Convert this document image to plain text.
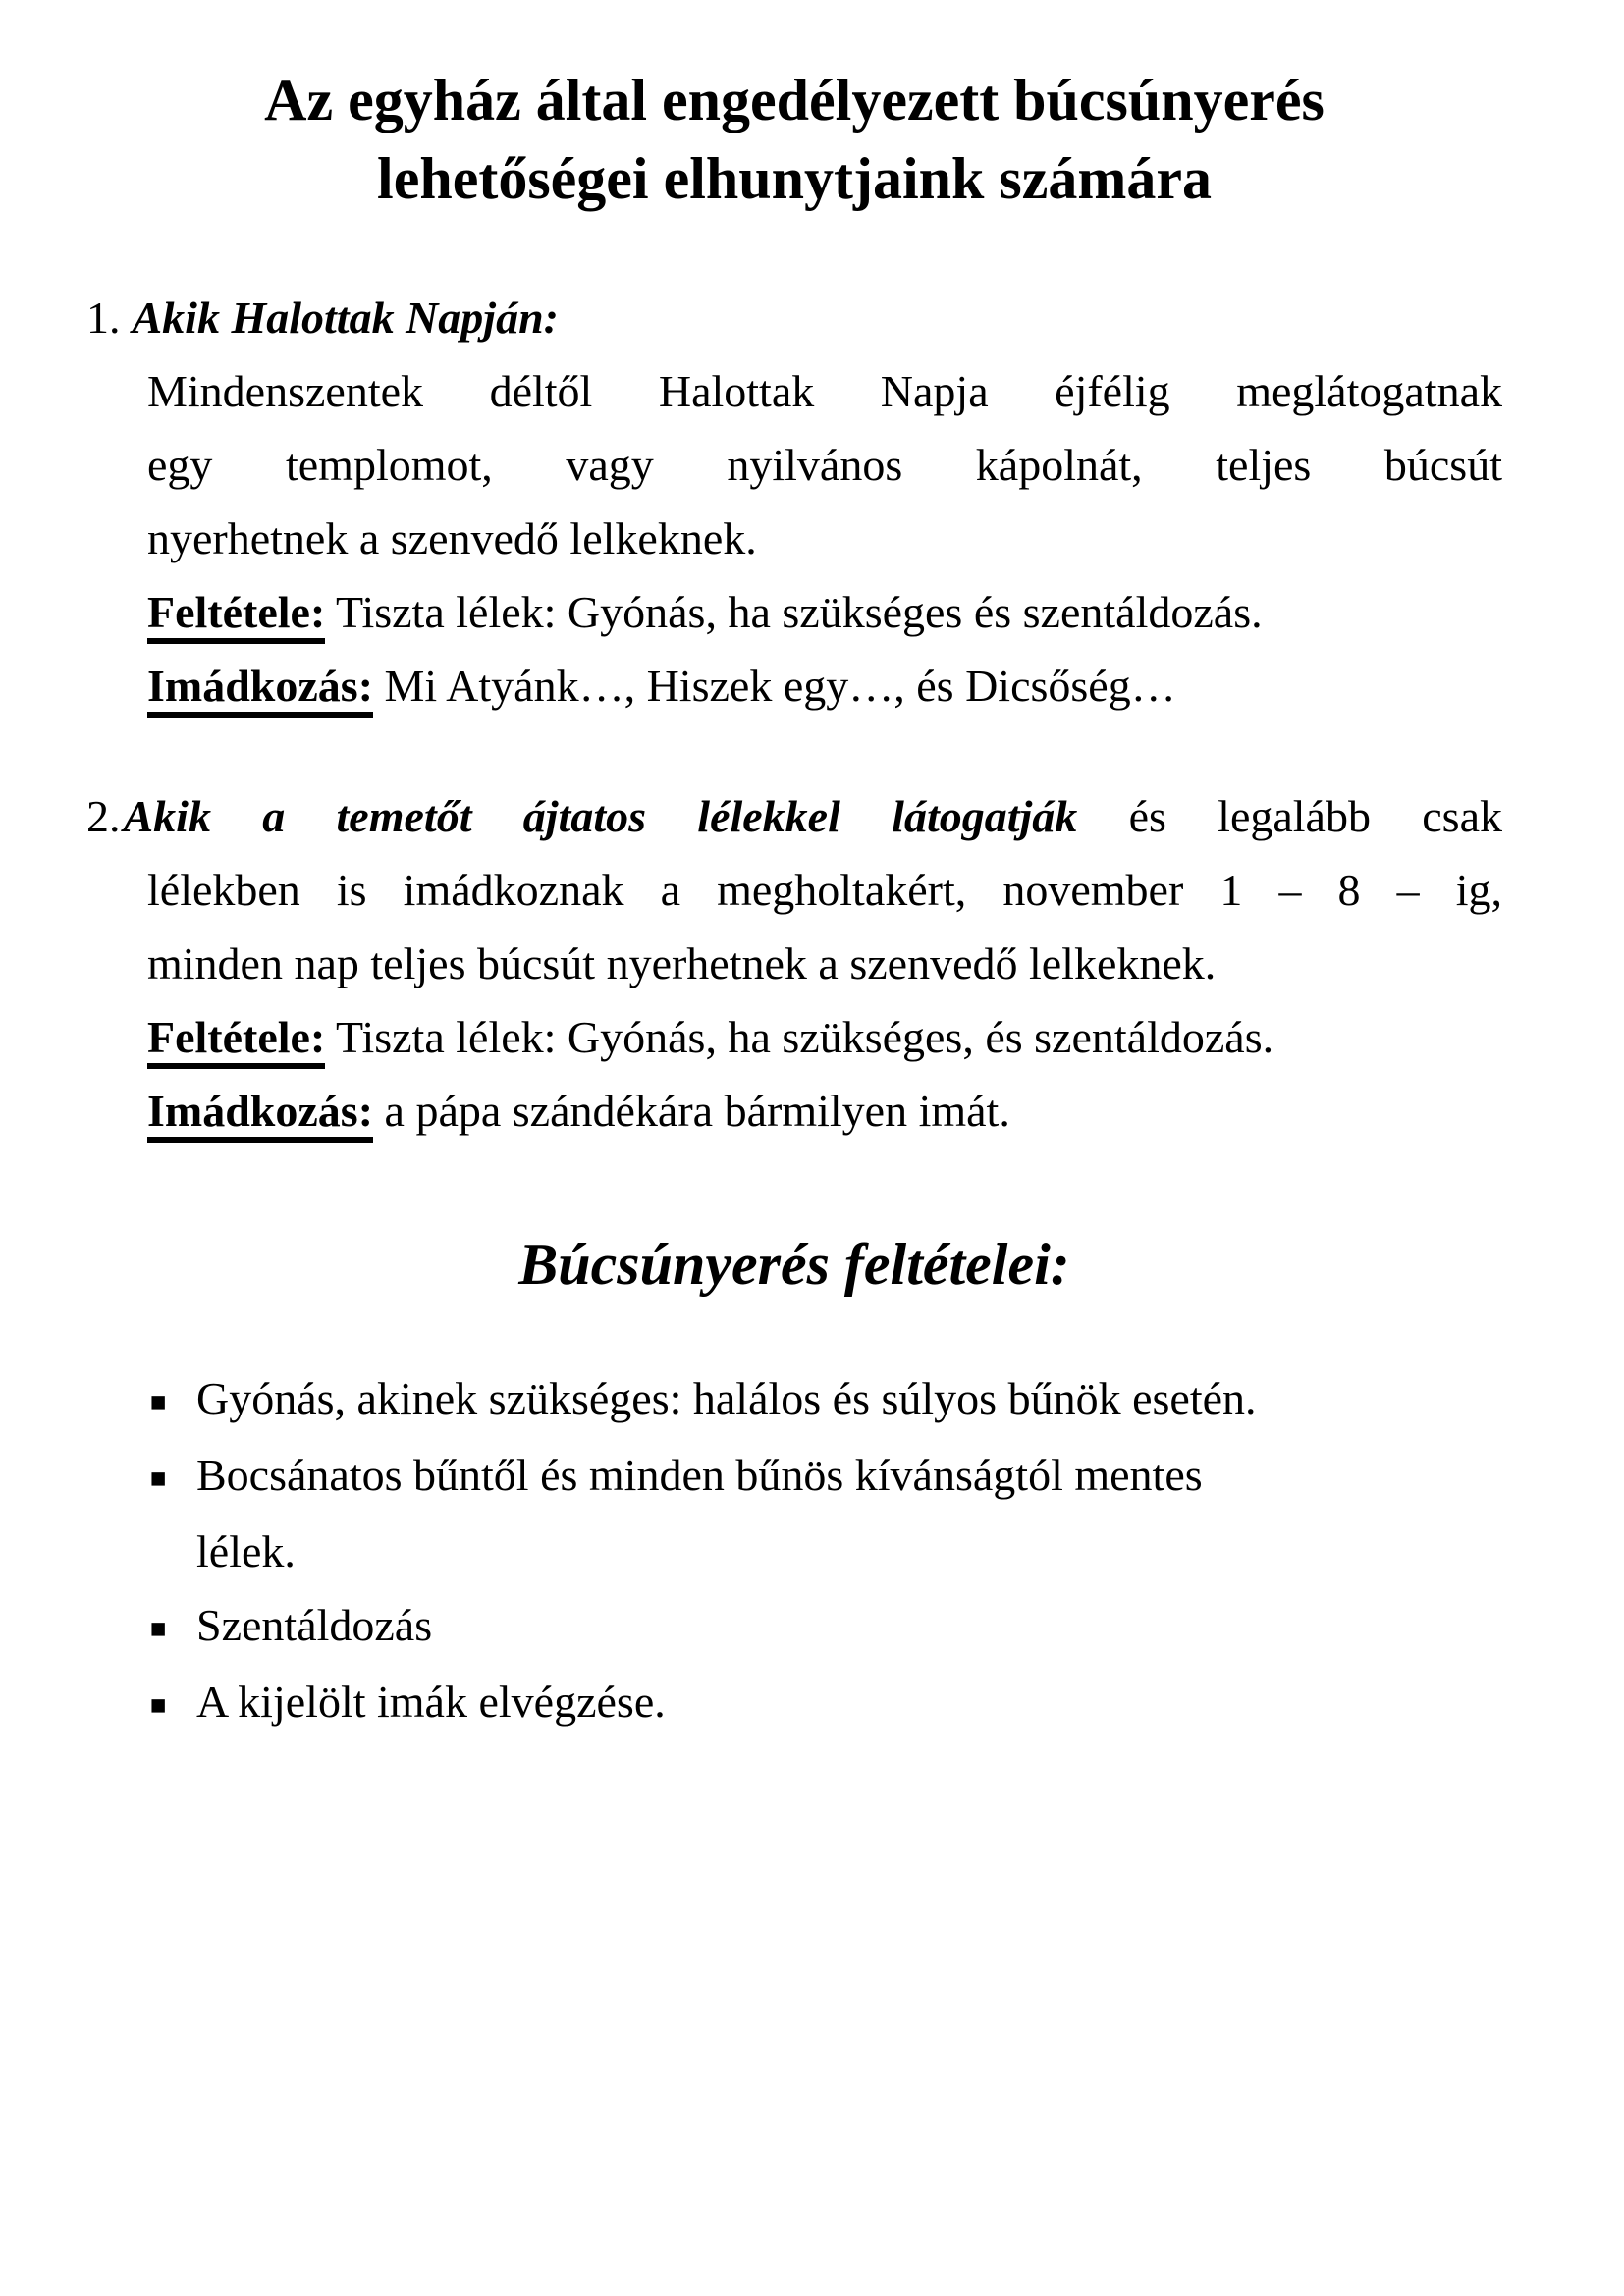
Az egyház által engedélyezett búcsúnyerés
lehetőségei elhunytjaink számára
1. Akik Halottak Napján:
Mindenszentek déltől Halottak Napja éjfélig meglátogatnak
egy templomot, vagy nyilvános kápolnát, teljes búcsút
nyerhetnek a szenvedő lelkeknek.
Feltétele: Tiszta lélek: Gyónás, ha szükséges és szentáldozás.
Imádkozás: Mi Atyánk…, Hiszek egy…, és Dicsőség…
2.Akik a temetőt ájtatos lélekkel látogatják és legalább csak
lélekben is imádkoznak a megholtakért, november 1 – 8 – ig,
minden nap teljes búcsút nyerhetnek a szenvedő lelkeknek.
Feltétele: Tiszta lélek: Gyónás, ha szükséges, és szentáldozás.
Imádkozás: a pápa szándékára bármilyen imát.
Búcsúnyerés feltételei:
▪ Gyónás, akinek szükséges: halálos és súlyos bűnök esetén.
▪ Bocsánatos bűntől és minden bűnös kívánságtól mentes
lélek.
▪ Szentáldozás
▪ A kijelölt imák elvégzése.
